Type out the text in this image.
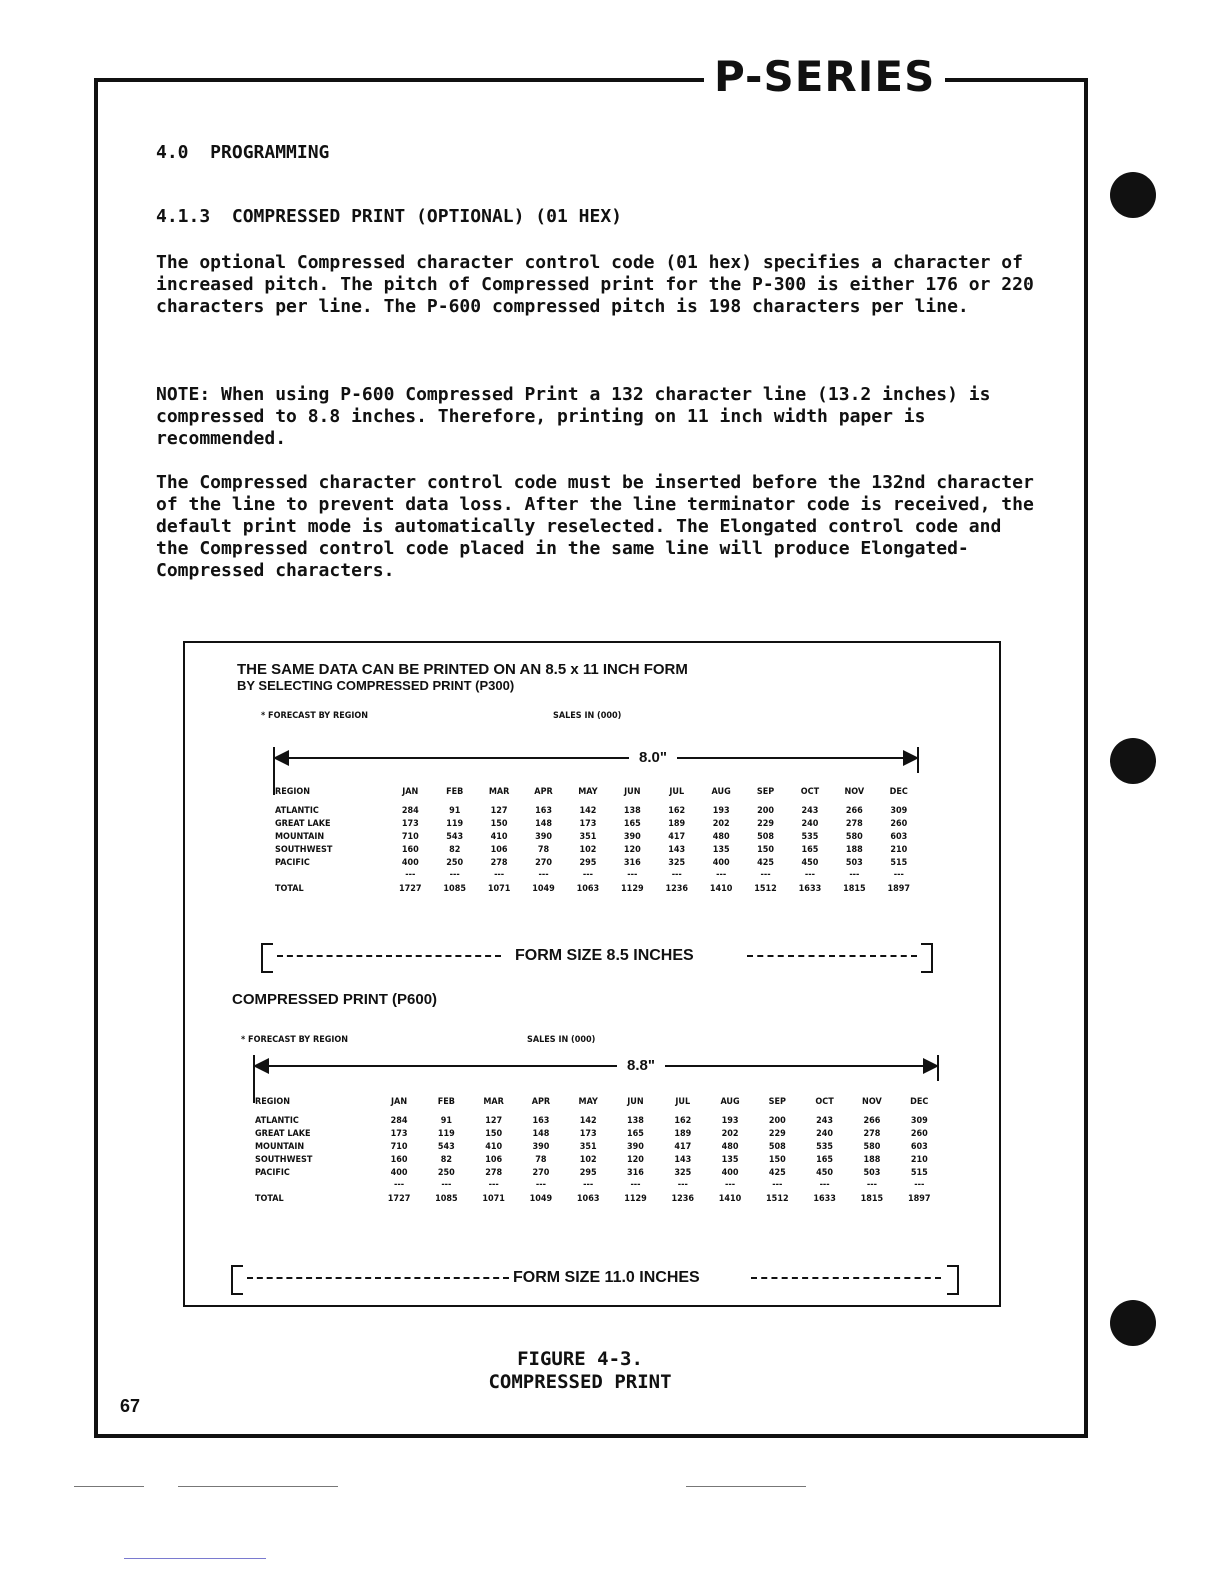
P-SERIES
4.0  PROGRAMMING
4.1.3  COMPRESSED PRINT (OPTIONAL) (01 HEX)
The optional Compressed character control code (01 hex) specifies a character of increased pitch. The pitch of Compressed print for the P-300 is either 176 or 220 characters per line. The P-600 compressed pitch is 198 characters per line.
NOTE: When using P-600 Compressed Print a 132 character line (13.2 inches) is compressed to 8.8 inches. Therefore, printing on 11 inch width paper is recommended.
The Compressed character control code must be inserted before the 132nd character of the line to prevent data loss. After the line terminator code is received, the default print mode is automatically reselected. The Elongated control code and the Compressed control code placed in the same line will produce Elongated-Compressed characters.
THE SAME DATA CAN BE PRINTED ON AN 8.5 x 11 INCH FORM
BY SELECTING COMPRESSED PRINT (P300)
* FORECAST BY REGION	SALES IN (000)
8.0"
REGION	JAN	FEB	MAR	APR	MAY	JUN	JUL	AUG	SEP	OCT	NOV	DEC
ATLANTIC	284	91	127	163	142	138	162	193	200	243	266	309
GREAT LAKE	173	119	150	148	173	165	189	202	229	240	278	260
MOUNTAIN	710	543	410	390	351	390	417	480	508	535	580	603
SOUTHWEST	160	82	106	78	102	120	143	135	150	165	188	210
PACIFIC	400	250	278	270	295	316	325	400	425	450	503	515
	---	---	---	---	---	---	---	---	---	---	---	---
TOTAL	1727	1085	1071	1049	1063	1129	1236	1410	1512	1633	1815	1897
FORM SIZE 8.5 INCHES
COMPRESSED PRINT (P600)
* FORECAST BY REGION	SALES IN (000)
8.8"
REGION	JAN	FEB	MAR	APR	MAY	JUN	JUL	AUG	SEP	OCT	NOV	DEC
ATLANTIC	284	91	127	163	142	138	162	193	200	243	266	309
GREAT LAKE	173	119	150	148	173	165	189	202	229	240	278	260
MOUNTAIN	710	543	410	390	351	390	417	480	508	535	580	603
SOUTHWEST	160	82	106	78	102	120	143	135	150	165	188	210
PACIFIC	400	250	278	270	295	316	325	400	425	450	503	515
	---	---	---	---	---	---	---	---	---	---	---	---
TOTAL	1727	1085	1071	1049	1063	1129	1236	1410	1512	1633	1815	1897
FORM SIZE 11.0 INCHES
FIGURE 4-3.
COMPRESSED PRINT
67
